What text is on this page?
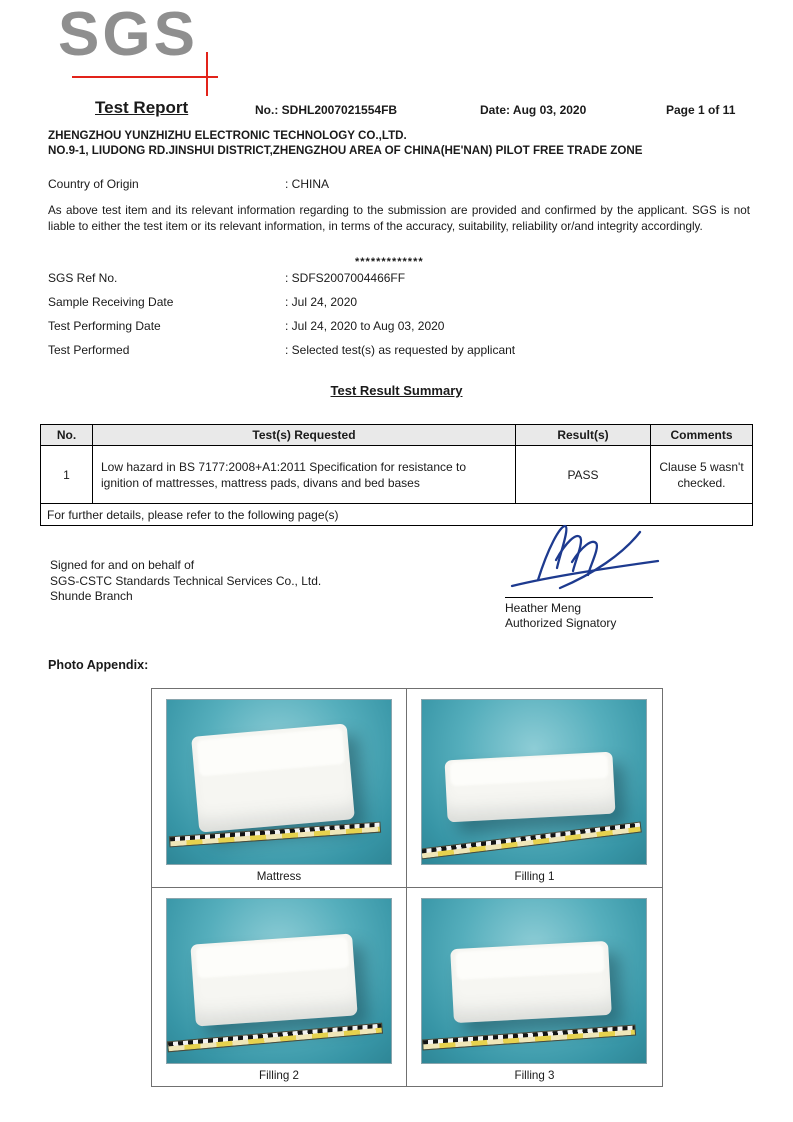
SGS
Test Report	No.: SDHL2007021554FB	Date: Aug 03, 2020	Page 1 of 11
ZHENGZHOU YUNZHIZHU ELECTRONIC TECHNOLOGY CO.,LTD.
NO.9-1, LIUDONG RD.JINSHUI DISTRICT,ZHENGZHOU AREA OF CHINA(HE'NAN) PILOT FREE TRADE ZONE
Country of Origin	: CHINA
As above test item and its relevant information regarding to the submission are provided and confirmed by the applicant. SGS is not liable to either the test item or its relevant information, in terms of the accuracy, suitability, reliability or/and integrity accordingly.
*************
SGS Ref No.	: SDFS2007004466FF
Sample Receiving Date	: Jul 24, 2020
Test Performing Date	: Jul 24, 2020 to Aug 03, 2020
Test Performed	: Selected test(s) as requested by applicant
Test Result Summary
No.	Test(s) Requested	Result(s)	Comments
1	Low hazard in BS 7177:2008+A1:2011 Specification for resistance to ignition of mattresses, mattress pads, divans and bed bases	PASS	Clause 5 wasn't checked.
For further details, please refer to the following page(s)			
Signed for and on behalf of
SGS-CSTC Standards Technical Services Co., Ltd.
Shunde Branch
Heather Meng
Authorized Signatory
Photo Appendix:
Mattress	Filling 1
Filling 2	Filling 3
